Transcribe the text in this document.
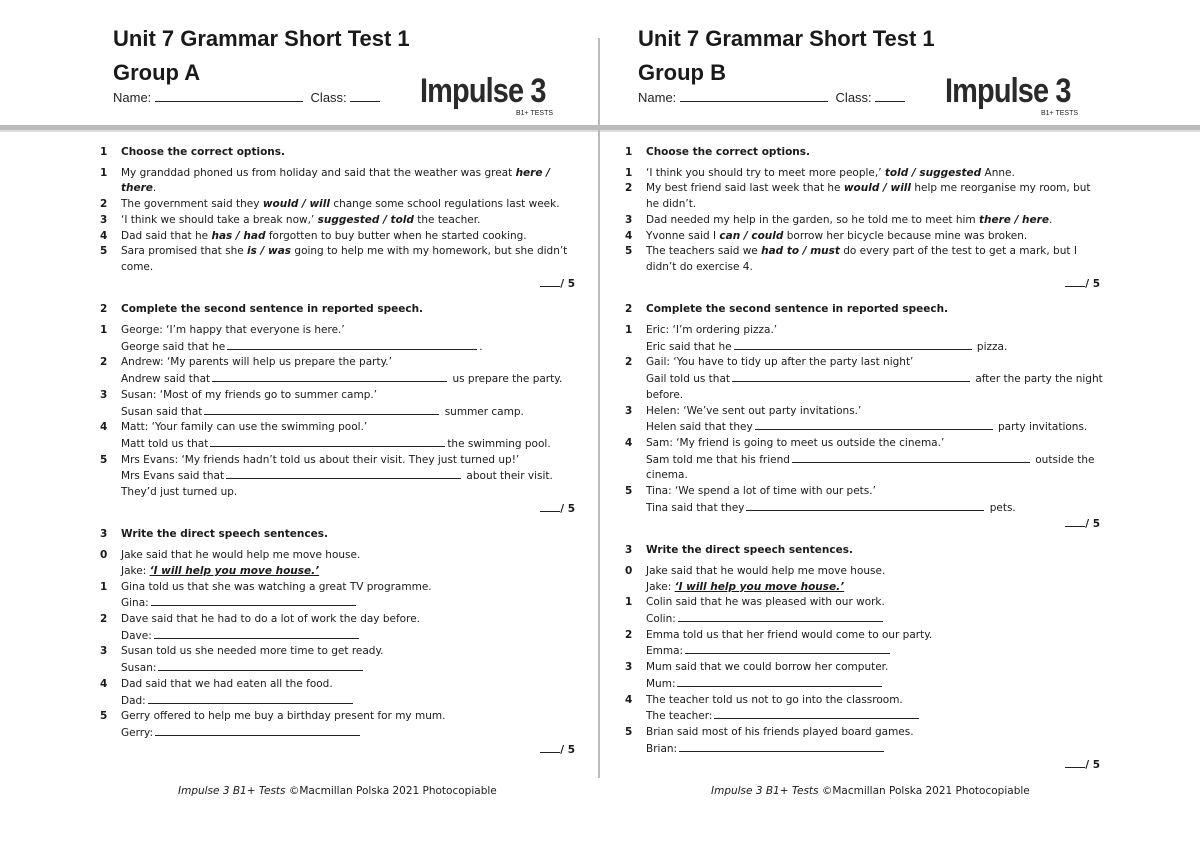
Unit 7 Grammar Short Test 1
Group A
Name:	Class:	Impulse 3
B1+ TESTS

1 Choose the correct options.

1 My granddad phoned us from holiday and said that the weather was great here / there.

2 The government said they would / will change some school regulations last week.

3 ‘I think we should take a break now,’ suggested / told the teacher.

4 Dad said that he has / had forgotten to buy butter when he started cooking.

5 Sara promised that she is / was going to help me with my homework, but she didn’t come.

/ 5

2 Complete the second sentence in reported speech.

1 George: ‘I’m happy that everyone is here.’
George said that he	.

2 Andrew: ‘My parents will help us prepare the party.’
Andrew said that	us prepare the party.

3 Susan: ‘Most of my friends go to summer camp.’
Susan said that	summer camp.

4 Matt: ‘Your family can use the swimming pool.’
Matt told us that	the swimming pool.

5 Mrs Evans: ‘My friends hadn’t told us about their visit. They just turned up!’
Mrs Evans said that	about their visit.
They’d just turned up.

/ 5

3 Write the direct speech sentences.

0 Jake said that he would help me move house.
Jake: ‘I will help you move house.’

1 Gina told us that she was watching a great TV programme.
Gina:

2 Dave said that he had to do a lot of work the day before.
Dave:

3 Susan told us she needed more time to get ready.
Susan:

4 Dad said that we had eaten all the food.
Dad:

5 Gerry offered to help me buy a birthday present for my mum.
Gerry:

/ 5

Impulse 3 B1+ Tests ©Macmillan Polska 2021 Photocopiable
Unit 7 Grammar Short Test 1
Group B
Name:	Class:	Impulse 3
B1+ TESTS

1 Choose the correct options.

1 ‘I think you should try to meet more people,’ told / suggested Anne.

2 My best friend said last week that he would / will help me reorganise my room, but he didn’t.

3 Dad needed my help in the garden, so he told me to meet him there / here.

4 Yvonne said I can / could borrow her bicycle because mine was broken.

5 The teachers said we had to / must do every part of the test to get a mark, but I didn’t do exercise 4.

/ 5

2 Complete the second sentence in reported speech.

1 Eric: ‘I’m ordering pizza.’
Eric said that he	pizza.

2 Gail: ‘You have to tidy up after the party last night’
Gail told us that	after the party the night before.

3 Helen: ‘We’ve sent out party invitations.’
Helen said that they	party invitations.

4 Sam: ‘My friend is going to meet us outside the cinema.’
Sam told me that his friend	outside the cinema.

5 Tina: ‘We spend a lot of time with our pets.’
Tina said that they	pets.

/ 5

3 Write the direct speech sentences.

0 Jake said that he would help me move house.
Jake: ‘I will help you move house.’

1 Colin said that he was pleased with our work.
Colin:

2 Emma told us that her friend would come to our party.
Emma:

3 Mum said that we could borrow her computer.
Mum:

4 The teacher told us not to go into the classroom.
The teacher:

5 Brian said most of his friends played board games.
Brian:

/ 5

Impulse 3 B1+ Tests ©Macmillan Polska 2021 Photocopiable
